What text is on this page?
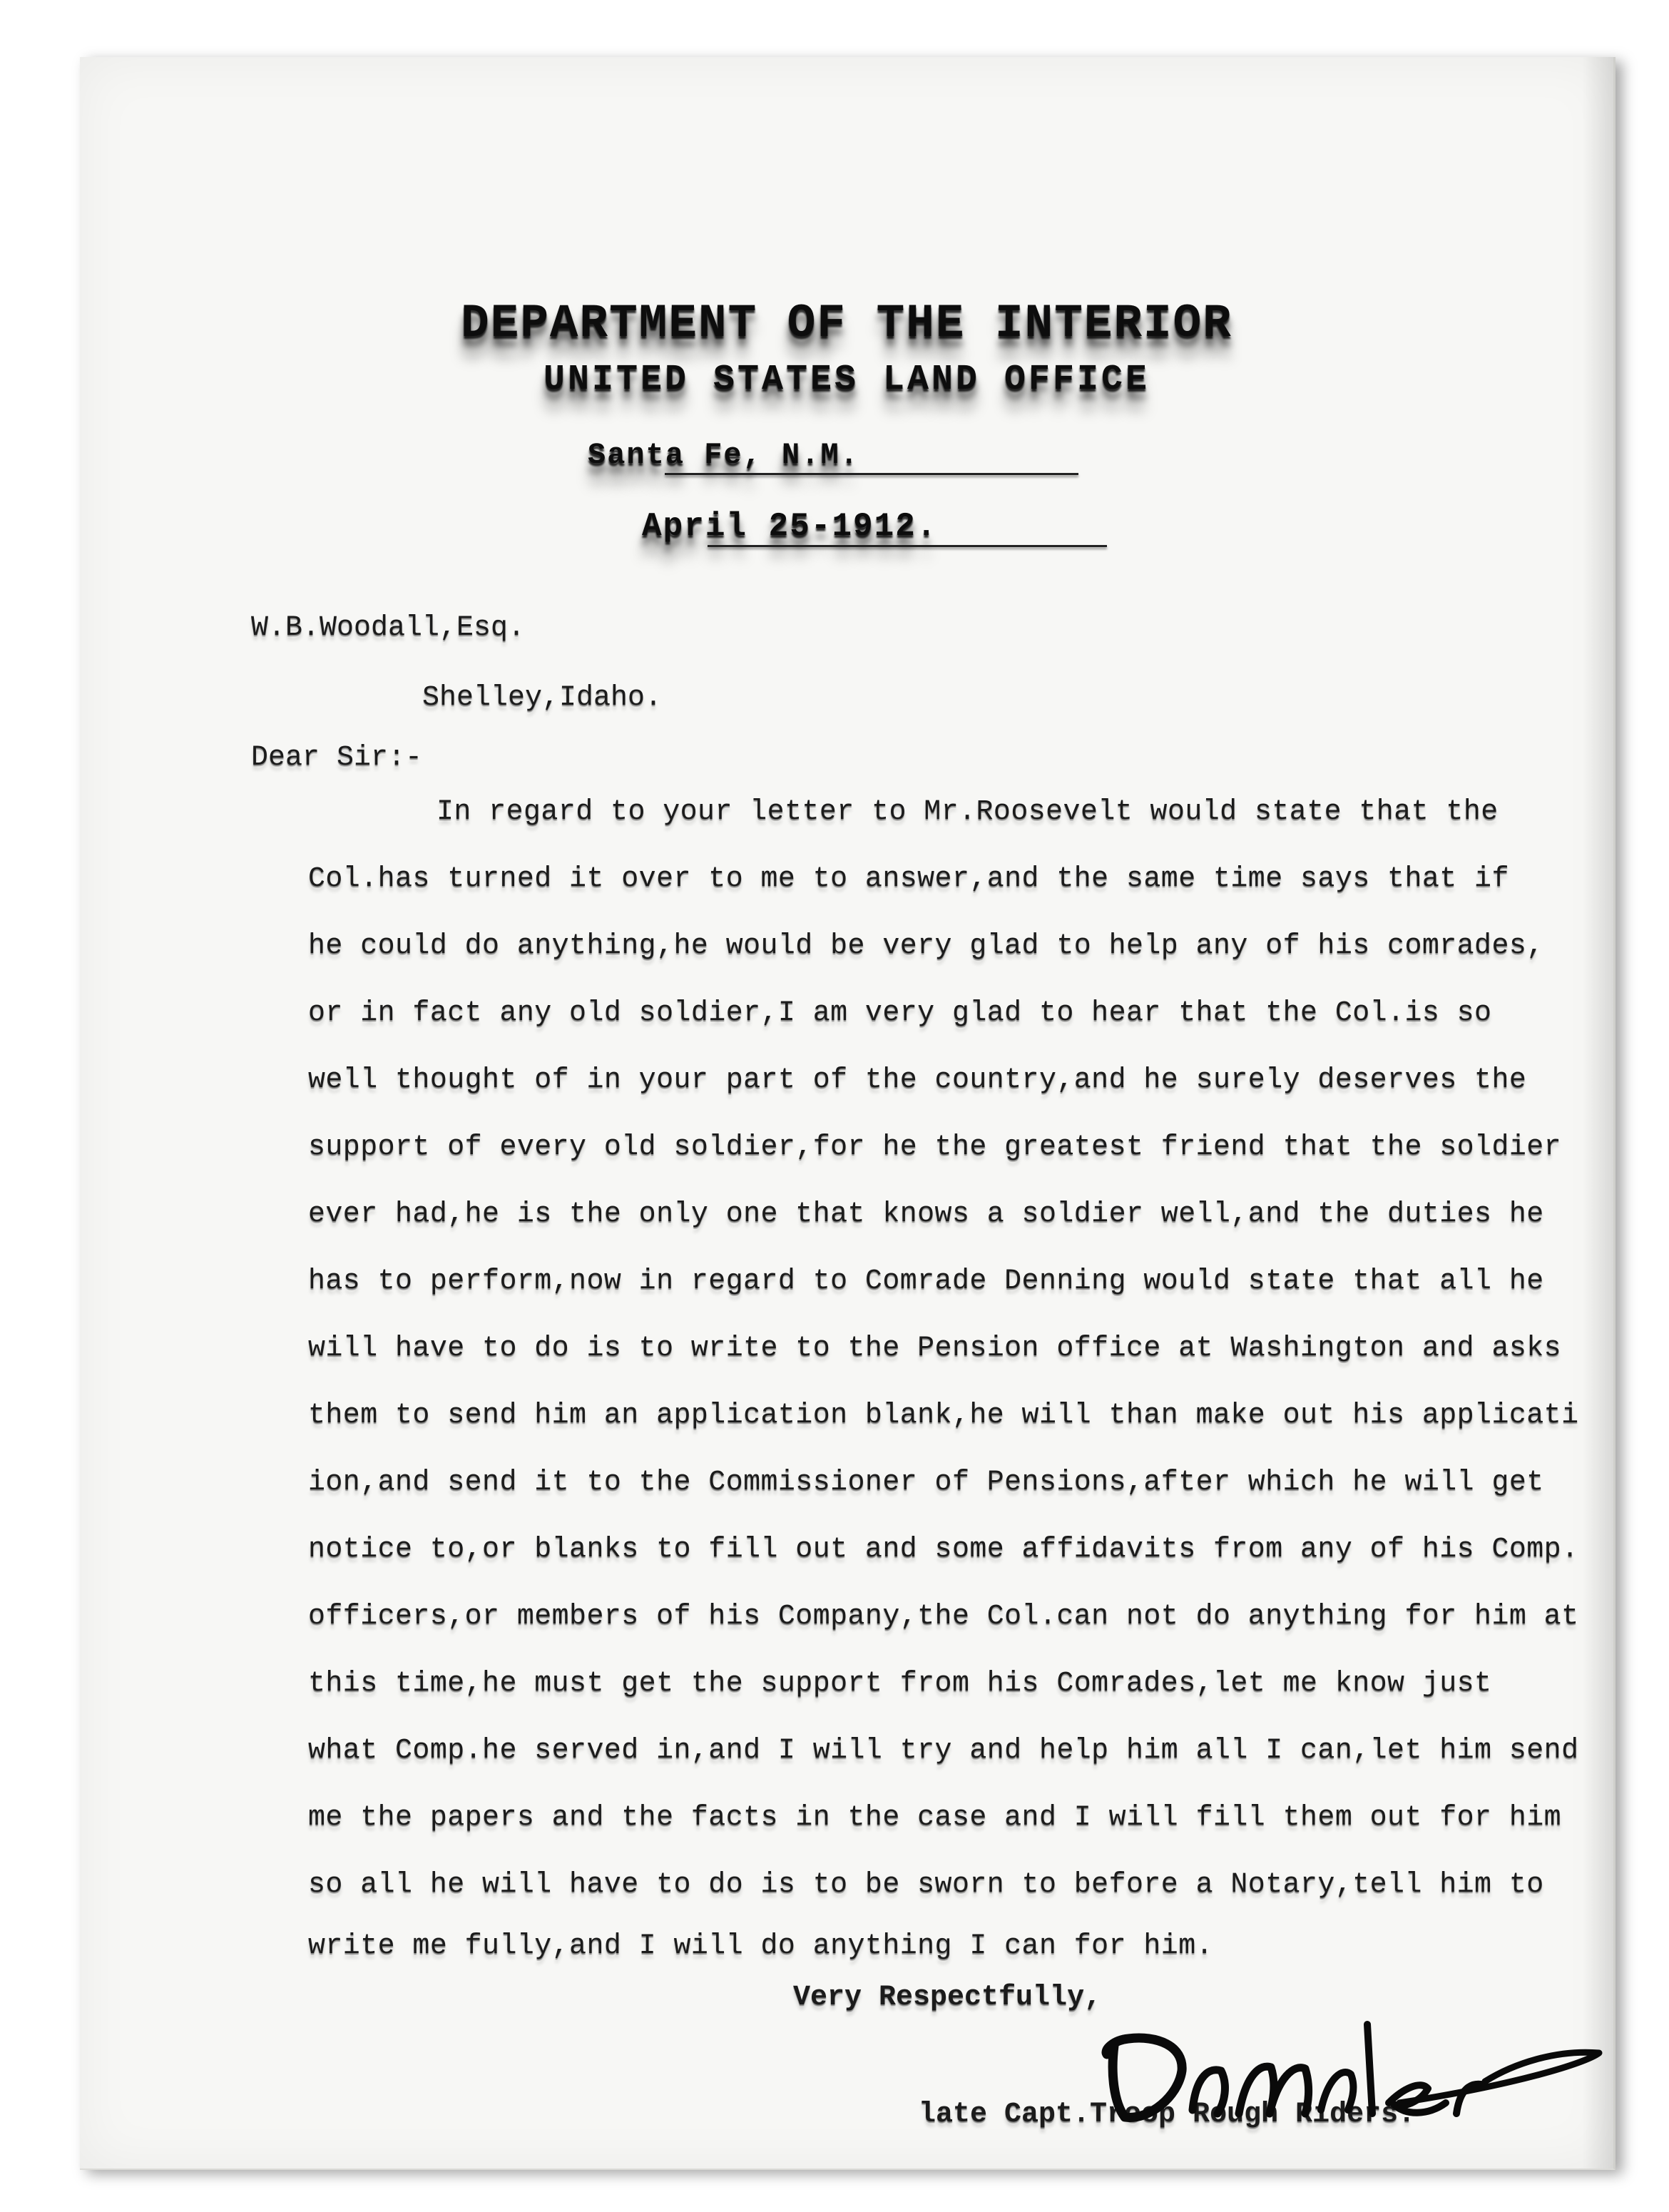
DEPARTMENT OF THE INTERIOR
UNITED STATES LAND OFFICE
Santa Fe, N.M.
April 25-1912.
W.B.Woodall,Esq.
Shelley,Idaho.
Dear Sir:-
In regard to your letter to Mr.Roosevelt would state that the
Col.has turned it over to me to answer,and the same time says that if
he could do anything,he would be very glad to help any of his comrades,
or in fact any old soldier,I am very glad to hear that the Col.is so
well thought of in your part of the country,and he surely deserves the
support of every old soldier,for he the greatest friend that the soldier
ever had,he is the only one that knows a soldier well,and the duties he
has to perform,now in regard to Comrade Denning would state that all he
will have to do is to write to the Pension office at Washington and asks
them to send him an application blank,he will than make out his applicati
ion,and send it to the Commissioner of Pensions,after which he will get
notice to,or blanks to fill out and some affidavits from any of his Comp.
officers,or members of his Company,the Col.can not do anything for him at
this time,he must get the support from his Comrades,let me know just
what Comp.he served in,and I will try and help him all I can,let him send
me the papers and the facts in the case and I will fill them out for him
so all he will have to do is to be sworn to before a Notary,tell him to
write me fully,and I will do anything I can for him.
Very Respectfully,
late Capt.Troop Rough Riders.
